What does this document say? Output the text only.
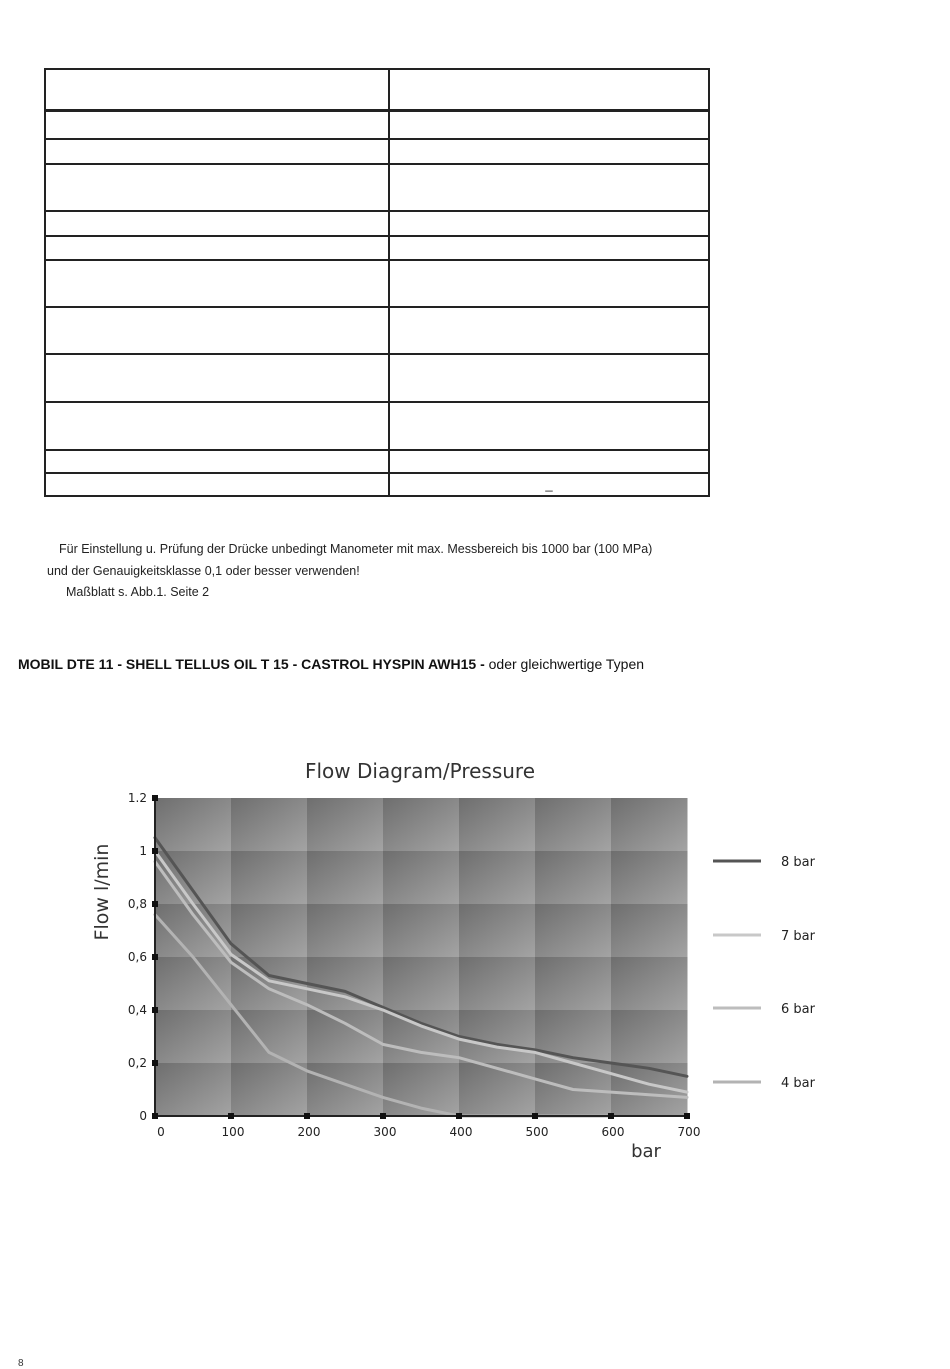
	_

Für Einstellung u. Prüfung der Drücke unbedingt Manometer mit max. Messbereich bis 1000 bar (100 MPa)

und der Genauigkeitsklasse 0,1 oder besser verwenden!

Maßblatt s. Abb.1. Seite 2

MOBIL DTE 11 - SHELL TELLUS OIL T 15 - CASTROL HYSPIN AWH15 - oder gleichwertige Typen
0
0,2
0,4
0,6
0,8
1
1.2
0	100	200	300	400	500	600	700
Flow Diagram/Pressure
Flow l/min
bar
8 bar
7 bar
6 bar
4 bar
8
